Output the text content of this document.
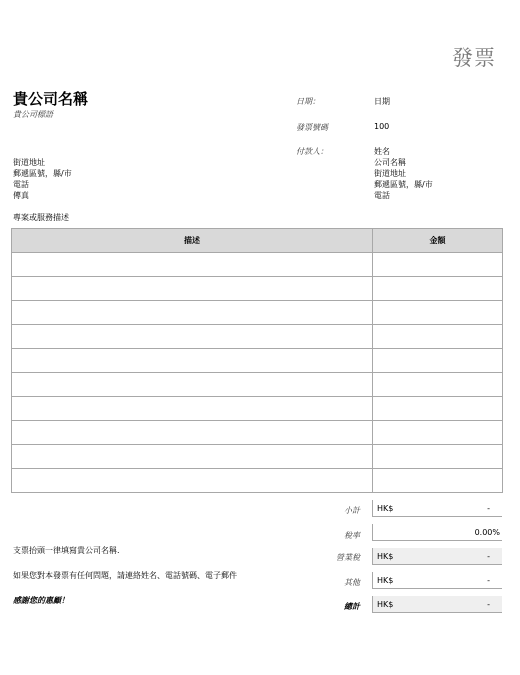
發票
貴公司名稱
貴公司標語
日期：	日期
發票號碼	100
付款人：	姓名
公司名稱
街道地址
郵遞區號，縣/市
電話
街道地址
郵遞區號，縣/市
電話
傳真
專案或服務描述
描述	金額

小計 HK$	-
稅率	0.00%
營業稅 HK$	-
其他 HK$	-
總計 HK$	-
支票抬頭一律填寫貴公司名稱.
如果您對本發票有任何問題，請連絡姓名、電話號碼、電子郵件
感謝您的惠顧！
